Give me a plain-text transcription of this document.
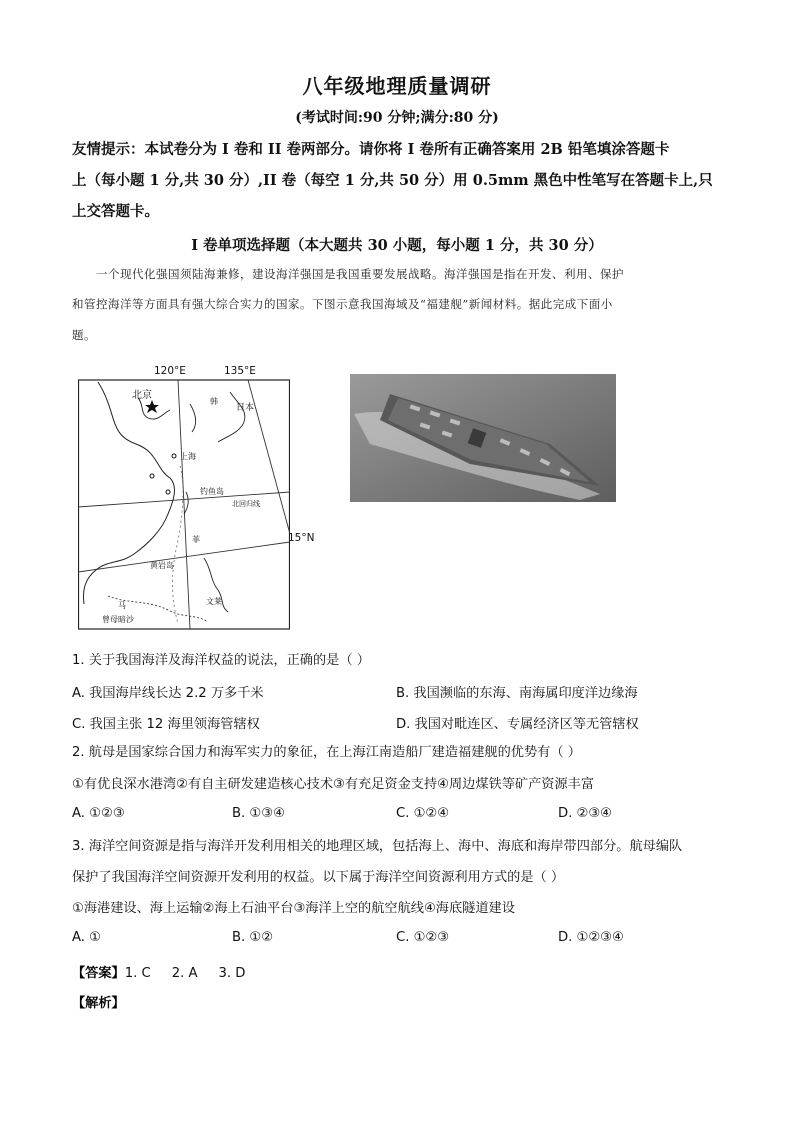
八年级地理质量调研
(考试时间:90 分钟;满分:80 分)
友情提示：本试卷分为 I 卷和 II 卷两部分。请你将 I 卷所有正确答案用 2B 铅笔填涂答题卡
上（每小题 1 分,共 30 分）,II 卷（每空 1 分,共 50 分）用 0.5mm 黑色中性笔写在答题卡上,只
上交答题卡。
I 卷单项选择题（本大题共 30 小题，每小题 1 分，共 30 分）
一个现代化强国须陆海兼修，建设海洋强国是我国重要发展战略。海洋强国是指在开发、利用、保护
和管控海洋等方面具有强大综合实力的国家。下图示意我国海域及“福建舰”新闻材料。据此完成下面小
题。
120°E	135°E
15°N
北京
上海
钓鱼岛
黄岩岛
曾母暗沙
韩
日本
菲
马	文莱
北回归线
1. 关于我国海洋及海洋权益的说法，正确的是（ ）
A. 我国海岸线长达 2.2 万多千米	B. 我国濒临的东海、南海属印度洋边缘海
C. 我国主张 12 海里领海管辖权	D. 我国对毗连区、专属经济区等无管辖权
2. 航母是国家综合国力和海军实力的象征，在上海江南造船厂建造福建舰的优势有（ ）
①有优良深水港湾②有自主研发建造核心技术③有充足资金支持④周边煤铁等矿产资源丰富
A. ①②③	B. ①③④	C. ①②④	D. ②③④
3. 海洋空间资源是指与海洋开发利用相关的地理区域，包括海上、海中、海底和海岸带四部分。航母编队
保护了我国海洋空间资源开发利用的权益。以下属于海洋空间资源利用方式的是（ ）
①海港建设、海上运输②海上石油平台③海洋上空的航空航线④海底隧道建设
A. ①	B. ①②	C. ①②③	D. ①②③④
【答案】1. C     2. A     3. D
【解析】
